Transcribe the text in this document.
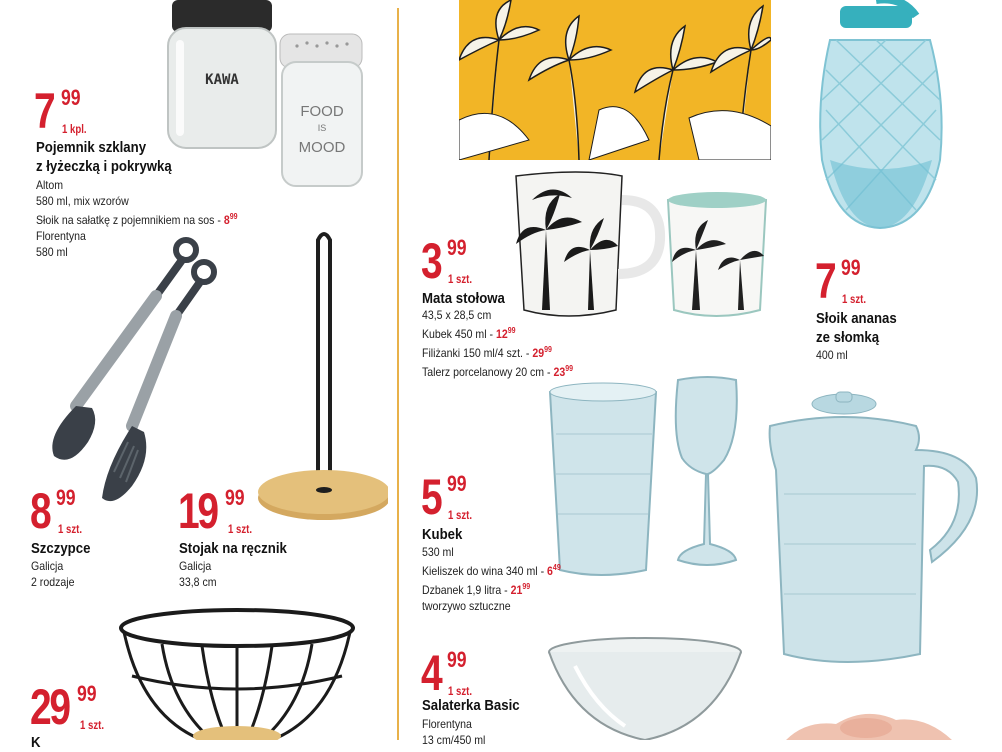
KAWA
FOOD
IS
MOOD
7 99
1 kpl.
Pojemnik szklany
z łyżeczką i pokrywką
Altom
580 ml, mix wzorów
Słoik na sałatkę z pojemnikiem na sos - $8^{99}$
Florentyna
580 ml
8 99
1 szt.
Szczypce
Galicja
2 rodzaje
19 99
1 szt.
Stojak na ręcznik
Galicja
33,8 cm
29 99
1 szt.
K
3 99
1 szt.
Mata stołowa
43,5 x 28,5 cm
Kubek 450 ml - $12^{99}$
Filiżanki 150 ml/4 szt. - $29^{99}$
Talerz porcelanowy 20 cm - $23^{99}$
7 99
1 szt.
Słoik ananas
ze słomką
400 ml
5 99
1 szt.
Kubek
530 ml
Kieliszek do wina 340 ml - $6^{49}$
Dzbanek 1,9 litra - $21^{99}$
tworzywo sztuczne
4 99
1 szt.
Salaterka Basic
Florentyna
13 cm/450 ml
